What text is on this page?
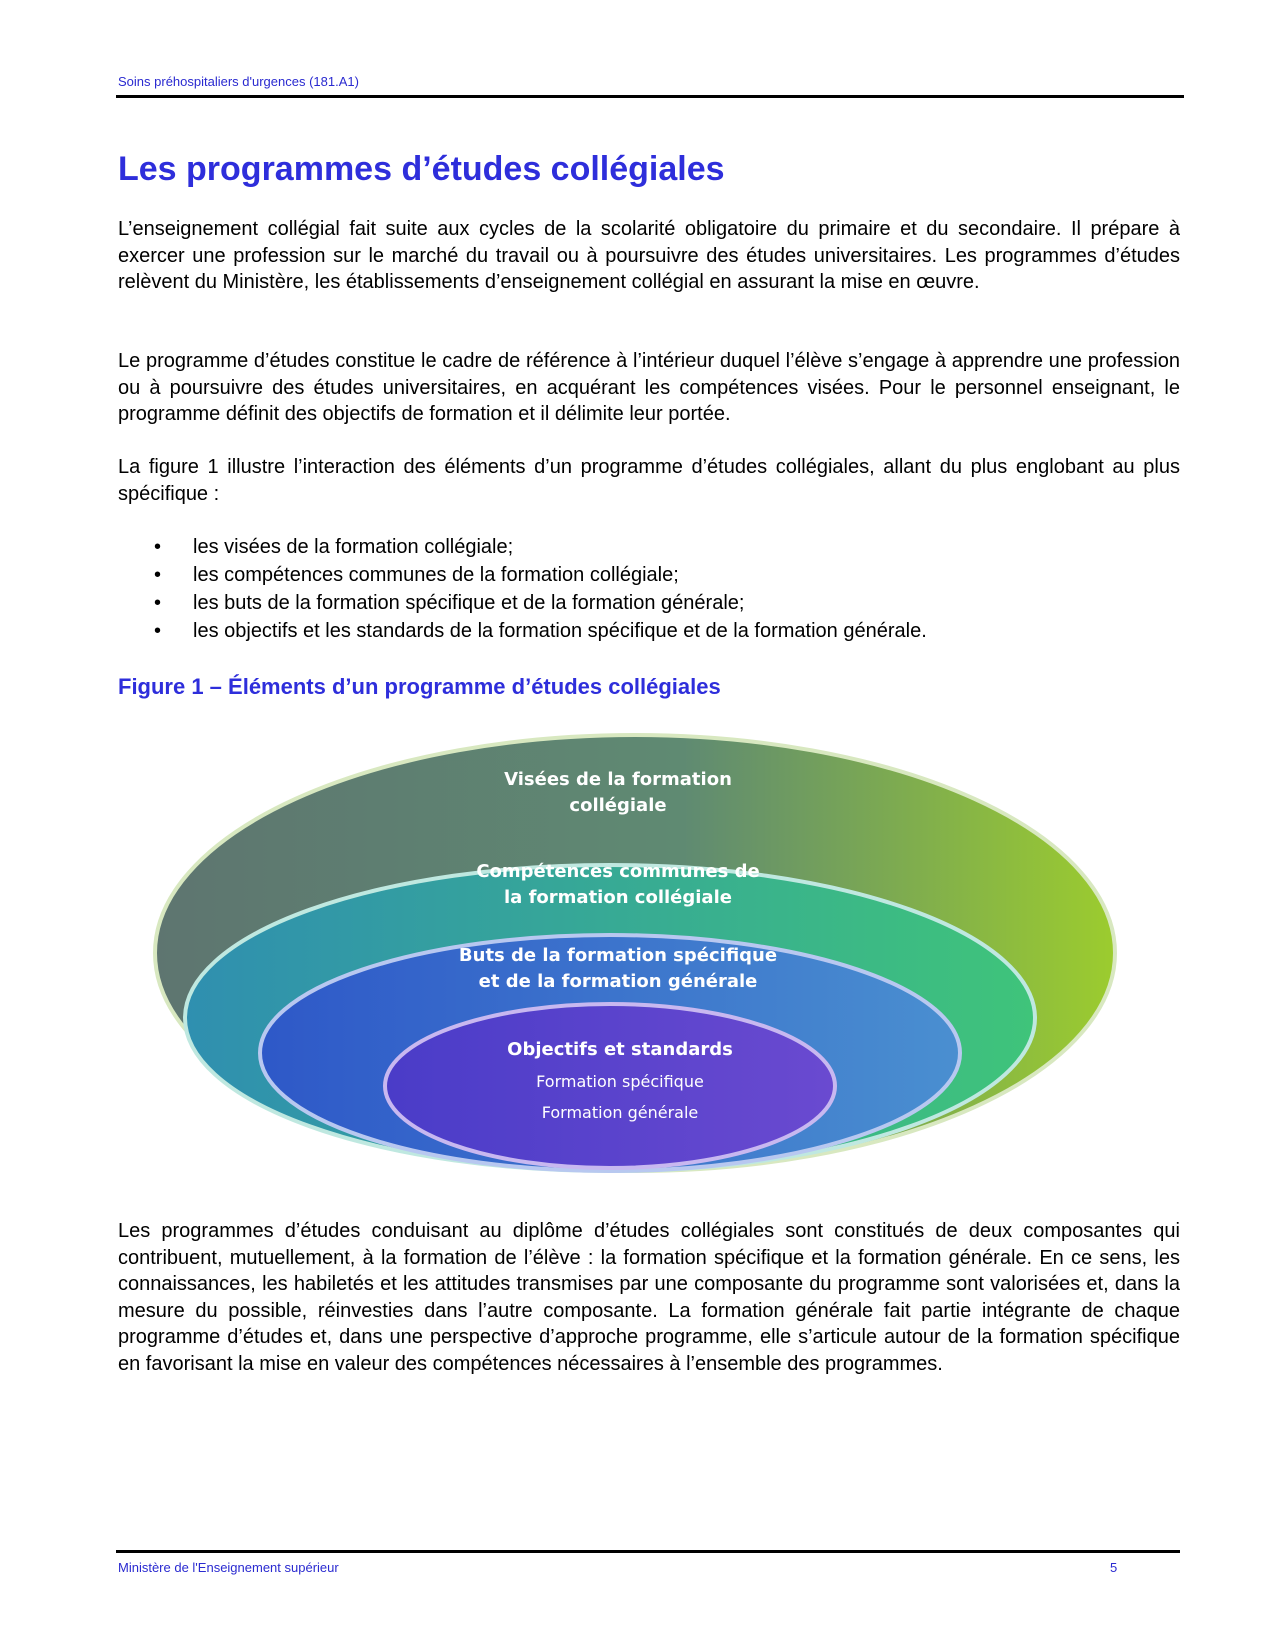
Soins préhospitaliers d'urgences (181.A1)
Les programmes d’études collégiales

L’enseignement collégial fait suite aux cycles de la scolarité obligatoire du primaire et du secondaire. Il prépare à exercer une profession sur le marché du travail ou à poursuivre des études universitaires. Les programmes d’études relèvent du Ministère, les établissements d’enseignement collégial en assurant la mise en œuvre.

Le programme d’études constitue le cadre de référence à l’intérieur duquel l’élève s’engage à apprendre une profession ou à poursuivre des études universitaires, en acquérant les compétences visées. Pour le personnel enseignant, le programme définit des objectifs de formation et il délimite leur portée.

La figure 1 illustre l’interaction des éléments d’un programme d’études collégiales, allant du plus englobant au plus spécifique :

• les visées de la formation collégiale;
• les compétences communes de la formation collégiale;
• les buts de la formation spécifique et de la formation générale;
• les objectifs et les standards de la formation spécifique et de la formation générale.
Figure 1 – Éléments d’un programme d’études collégiales
Visées de la formation
collégiale
Compétences communes de
la formation collégiale
Buts de la formation spécifique
et de la formation générale
Objectifs et standards
Formation spécifique
Formation générale

Les programmes d’études conduisant au diplôme d’études collégiales sont constitués de deux composantes qui contribuent, mutuellement, à la formation de l’élève : la formation spécifique et la formation générale. En ce sens, les connaissances, les habiletés et les attitudes transmises par une composante du programme sont valorisées et, dans la mesure du possible, réinvesties dans l’autre composante. La formation générale fait partie intégrante de chaque programme d’études et, dans une perspective d’approche programme, elle s’articule autour de la formation spécifique en favorisant la mise en valeur des compétences nécessaires à l’ensemble des programmes.

Ministère de l'Enseignement supérieur	5
